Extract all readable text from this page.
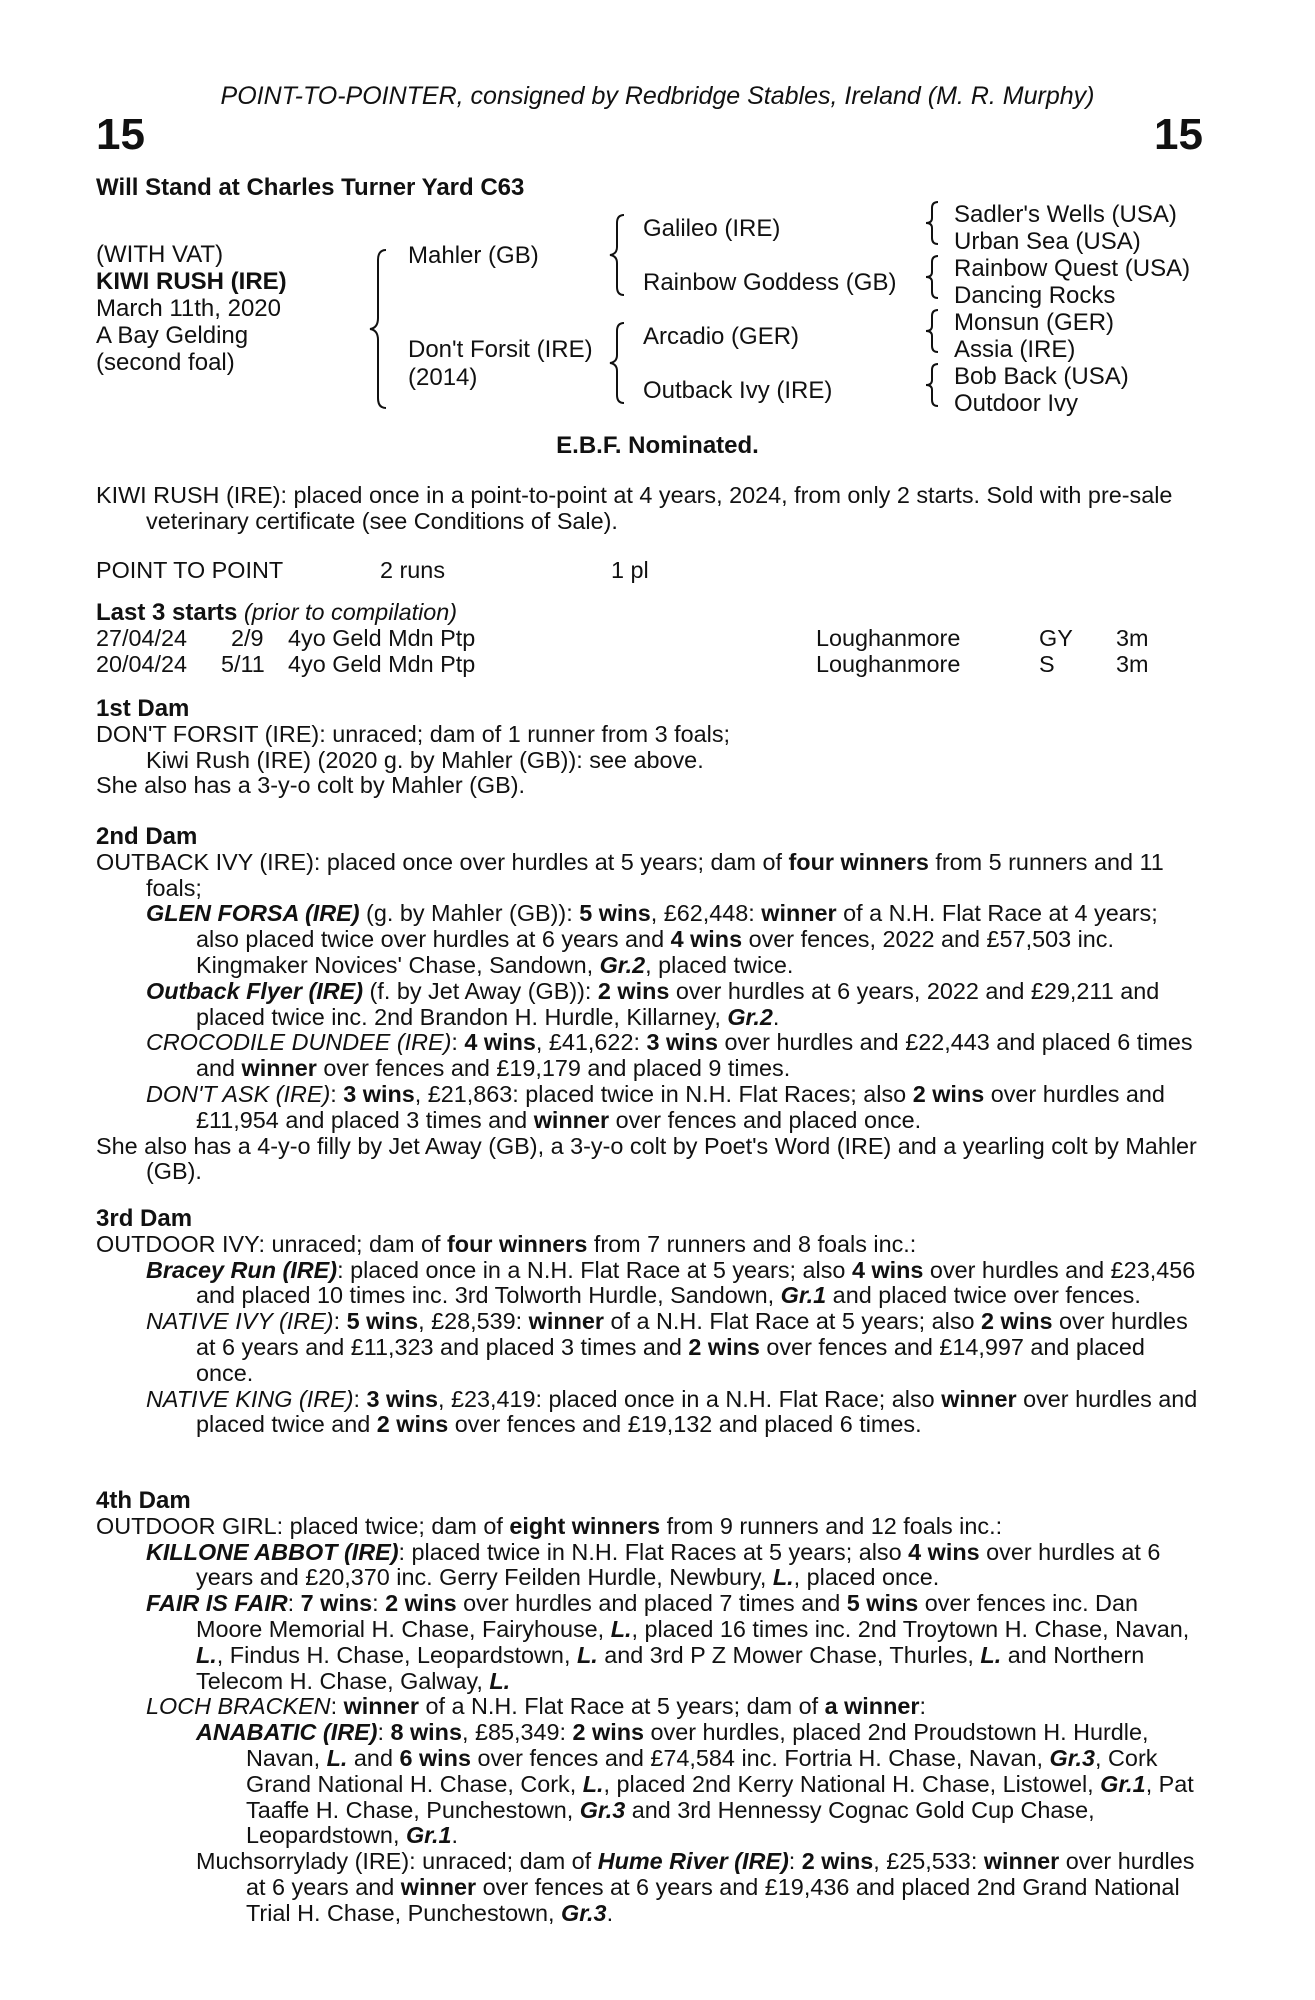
POINT-TO-POINTER, consigned by Redbridge Stables, Ireland (M. R. Murphy)
15	15
Will Stand at Charles Turner Yard C63
(WITH VAT)
KIWI RUSH (IRE)
March 11th, 2020
A Bay Gelding
(second foal)
Mahler (GB)
Don't Forsit (IRE)
(2014)
Galileo (IRE)
Rainbow Goddess (GB)
Arcadio (GER)
Outback Ivy (IRE)
Sadler's Wells (USA)
Urban Sea (USA)
Rainbow Quest (USA)
Dancing Rocks
Monsun (GER)
Assia (IRE)
Bob Back (USA)
Outdoor Ivy
E.B.F. Nominated.

KIWI RUSH (IRE): placed once in a point-to-point at 4 years, 2024, from only 2 starts. Sold with pre-sale veterinary certificate (see Conditions of Sale).

POINT TO POINT	2 runs	1 pl
Last 3 starts (prior to compilation)
27/04/24 2/9 4yo Geld Mdn Ptp	Loughanmore	GY 3m
20/04/24 5/11 4yo Geld Mdn Ptp	Loughanmore	S	3m

1st Dam

DON'T FORSIT (IRE): unraced; dam of 1 runner from 3 foals;

Kiwi Rush (IRE) (2020 g. by Mahler (GB)): see above.

She also has a 3-y-o colt by Mahler (GB).

2nd Dam

OUTBACK IVY (IRE): placed once over hurdles at 5 years; dam of four winners from 5 runners and 11 foals;

GLEN FORSA (IRE) (g. by Mahler (GB)): 5 wins, £62,448: winner of a N.H. Flat Race at 4 years; also placed twice over hurdles at 6 years and 4 wins over fences, 2022 and £57,503 inc. Kingmaker Novices' Chase, Sandown, Gr.2, placed twice.

Outback Flyer (IRE) (f. by Jet Away (GB)): 2 wins over hurdles at 6 years, 2022 and £29,211 and placed twice inc. 2nd Brandon H. Hurdle, Killarney, Gr.2.

CROCODILE DUNDEE (IRE): 4 wins, £41,622: 3 wins over hurdles and £22,443 and placed 6 times and winner over fences and £19,179 and placed 9 times.

DON'T ASK (IRE): 3 wins, £21,863: placed twice in N.H. Flat Races; also 2 wins over hurdles and £11,954 and placed 3 times and winner over fences and placed once.

She also has a 4-y-o filly by Jet Away (GB), a 3-y-o colt by Poet's Word (IRE) and a yearling colt by Mahler (GB).

3rd Dam

OUTDOOR IVY: unraced; dam of four winners from 7 runners and 8 foals inc.:

Bracey Run (IRE): placed once in a N.H. Flat Race at 5 years; also 4 wins over hurdles and £23,456 and placed 10 times inc. 3rd Tolworth Hurdle, Sandown, Gr.1 and placed twice over fences.

NATIVE IVY (IRE): 5 wins, £28,539: winner of a N.H. Flat Race at 5 years; also 2 wins over hurdles at 6 years and £11,323 and placed 3 times and 2 wins over fences and £14,997 and placed once.

NATIVE KING (IRE): 3 wins, £23,419: placed once in a N.H. Flat Race; also winner over hurdles and placed twice and 2 wins over fences and £19,132 and placed 6 times.

4th Dam

OUTDOOR GIRL: placed twice; dam of eight winners from 9 runners and 12 foals inc.:

KILLONE ABBOT (IRE): placed twice in N.H. Flat Races at 5 years; also 4 wins over hurdles at 6 years and £20,370 inc. Gerry Feilden Hurdle, Newbury, L., placed once.

FAIR IS FAIR: 7 wins: 2 wins over hurdles and placed 7 times and 5 wins over fences inc. Dan Moore Memorial H. Chase, Fairyhouse, L., placed 16 times inc. 2nd Troytown H. Chase, Navan, L., Findus H. Chase, Leopardstown, L. and 3rd P Z Mower Chase, Thurles, L. and Northern Telecom H. Chase, Galway, L.

LOCH BRACKEN: winner of a N.H. Flat Race at 5 years; dam of a winner:

ANABATIC (IRE): 8 wins, £85,349: 2 wins over hurdles, placed 2nd Proudstown H. Hurdle, Navan, L. and 6 wins over fences and £74,584 inc. Fortria H. Chase, Navan, Gr.3, Cork Grand National H. Chase, Cork, L., placed 2nd Kerry National H. Chase, Listowel, Gr.1, Pat Taaffe H. Chase, Punchestown, Gr.3 and 3rd Hennessy Cognac Gold Cup Chase, Leopardstown, Gr.1.

Muchsorrylady (IRE): unraced; dam of Hume River (IRE): 2 wins, £25,533: winner over hurdles at 6 years and winner over fences at 6 years and £19,436 and placed 2nd Grand National Trial H. Chase, Punchestown, Gr.3.
